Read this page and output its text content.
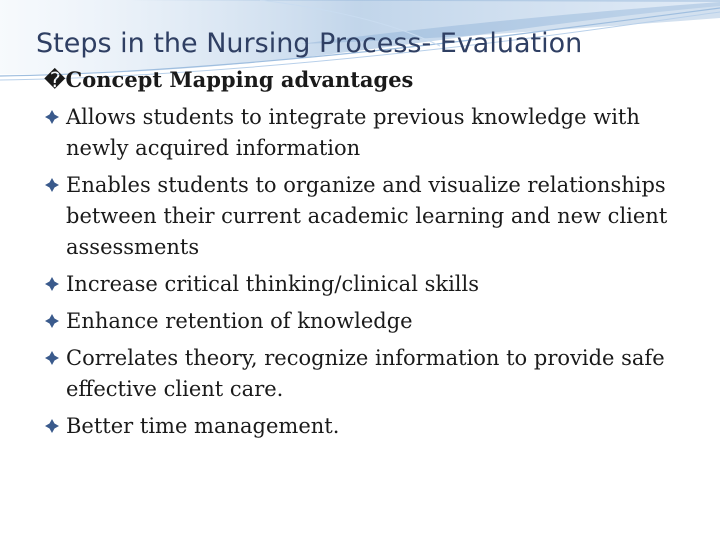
Steps in the Nursing Process- Evaluation
�Concept Mapping advantages
Allows students to integrate previous knowledge with newly acquired information
Enables students to organize and visualize relationships between their current academic learning and new client assessments
Increase critical thinking/clinical skills
Enhance retention of knowledge
Correlates theory, recognize information to provide safe effective client care.
Better time management.
